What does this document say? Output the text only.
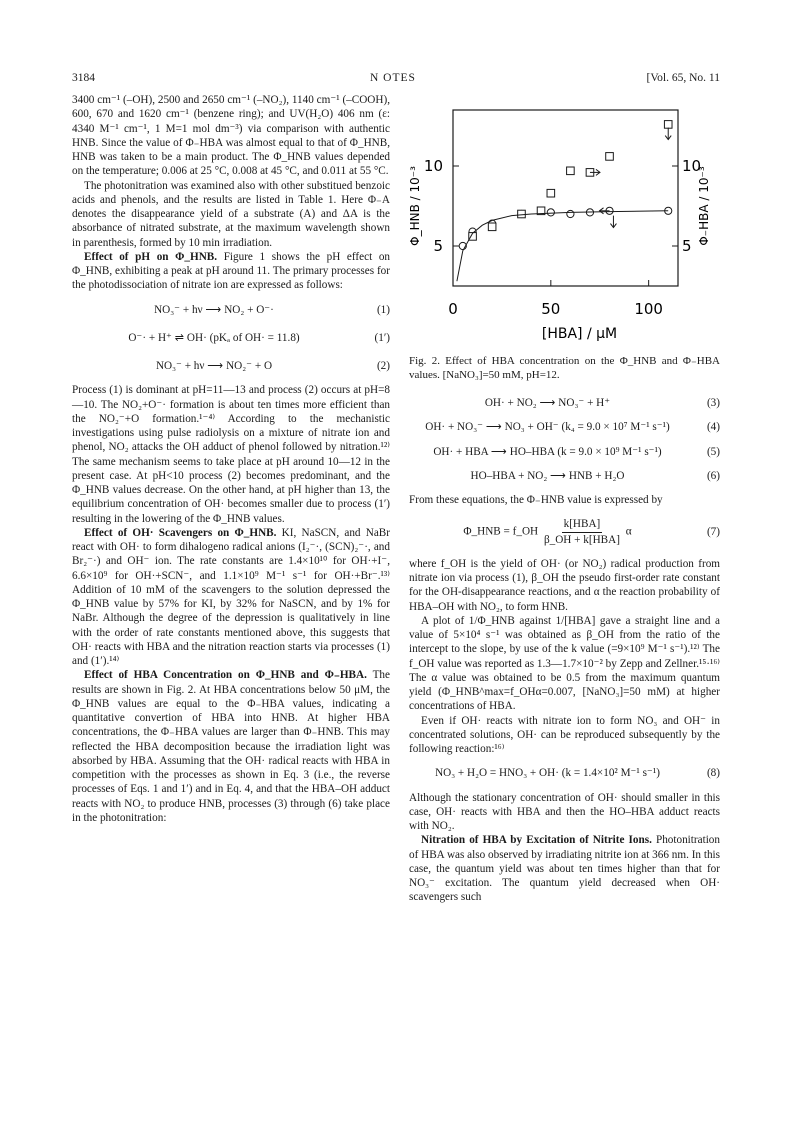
3184	N OTES	[Vol. 65, No. 11

3400 cm⁻¹ (–OH), 2500 and 2650 cm⁻¹ (–NO₂), 1140 cm⁻¹ (–COOH), 600, 670 and 1620 cm⁻¹ (benzene ring); and UV(H₂O) 406 nm (ε: 4340 M⁻¹ cm⁻¹, 1 M=1 mol dm⁻³) via comparison with authentic HNB. Since the value of Φ₋HBA was almost equal to that of Φ_HNB, HNB was taken to be a main product. The Φ_HNB values depended on the temperature; 0.006 at 25 °C, 0.008 at 45 °C, and 0.011 at 55 °C.

The photonitration was examined also with other substitued benzoic acids and phenols, and the results are listed in Table 1. Here Φ₋A denotes the disappearance yield of a substrate (A) and ΔA is the absorbance of nitrated substrate, at the maximum wavelength shown in parenthesis, formed by 10 min irradiation.

Effect of pH on Φ_HNB. Figure 1 shows the pH effect on Φ_HNB, exhibiting a peak at pH around 11. The primary processes for the photodissociation of nitrate ion are expressed as follows:

NO₃⁻ + hν ⟶ NO₂ + O⁻·	(1)
O⁻· + H⁺ ⇌ OH· (pKₐ of OH· = 11.8)	(1′)
NO₃⁻ + hν ⟶ NO₂⁻ + O	(2)

Process (1) is dominant at pH=11—13 and process (2) occurs at pH=8—10. The NO₂+O⁻· formation is about ten times more efficient than the NO₂⁻+O formation.¹⁻⁴⁾ According to the mechanistic investigations using pulse radiolysis on a mixture of nitrate ion and phenol, NO₂ attacks the OH adduct of phenol followed by nitration.¹²⁾ The same mechanism seems to take place at pH around 10—12 in the present case. At pH<10 process (2) becomes predominant, and the Φ_HNB values decrease. On the other hand, at pH higher than 13, the equilibrium concentration of OH· becomes smaller due to process (1′) resulting in the lowering of the Φ_HNB values.

Effect of OH· Scavengers on Φ_HNB. KI, NaSCN, and NaBr react with OH· to form dihalogeno radical anions (I₂⁻·, (SCN)₂⁻·, and Br₂⁻·) and OH⁻ ion. The rate constants are 1.4×10¹⁰ for OH·+I⁻, 6.6×10⁹ for OH·+SCN⁻, and 1.1×10⁹ M⁻¹ s⁻¹ for OH·+Br⁻.¹³⁾ Addition of 10 mM of the scavengers to the solution depressed the Φ_HNB value by 57% for KI, by 32% for NaSCN, and by 1% for NaBr. Although the degree of the depression is qualitatively in line with the order of rate constants mentioned above, this suggests that OH· reacts with HBA and the nitration reaction starts via processes (1) and (1′).¹⁴⁾

Effect of HBA Concentration on Φ_HNB and Φ₋HBA. The results are shown in Fig. 2. At HBA concentrations below 50 μM, the Φ_HNB values are equal to the Φ₋HBA values, indicating a quantitative convertion of HBA into HNB. At higher HBA concentrations, the Φ₋HBA values are larger than Φ₋HNB. This may reflected the HBA decomposition because the irradiation light was absorbed by HBA. Assuming that the OH· radical reacts with HBA in competition with the processes as shown in Eq. 3 (i.e., the reverse processes of Eqs. 1 and 1′) and in Eq. 4, and that the HBA–OH adduct reacts with NO₂ to produce HNB, processes (3) through (6) take place in the photonitration:

0	50	100
5
10
5
10
[HBA] / μM
Φ_HNB / 10⁻³	Φ₋HBA / 10⁻³

Fig. 2. Effect of HBA concentration on the Φ_HNB and Φ₋HBA values. [NaNO₃]=50 mM, pH=12.

OH· + NO₂ ⟶ NO₃⁻ + H⁺	(3)
OH· + NO₃⁻ ⟶ NO₃ + OH⁻ (k₄ = 9.0 × 10⁷ M⁻¹ s⁻¹)	(4)
OH· + HBA ⟶ HO–HBA (k = 9.0 × 10⁹ M⁻¹ s⁻¹)	(5)
HO–HBA + NO₂ ⟶ HNB + H₂O	(6)

From these equations, the Φ₋HNB value is expressed by

Φ_HNB = f_OH $\frac{\text{k[HBA]}}{\text{β\_OH + k[HBA]}}$ α	(7)

where f_OH is the yield of OH· (or NO₂) radical production from nitrate ion via process (1), β_OH the pseudo first-order rate constant for the OH-disappearance reactions, and α the reaction probability of HBA–OH with NO₂, to form HNB.

A plot of 1/Φ_HNB against 1/[HBA] gave a straight line and a value of 5×10⁴ s⁻¹ was obtained as β_OH from the ratio of the intercept to the slope, by use of the k value (=9×10⁹ M⁻¹ s⁻¹).¹²⁾ The f_OH value was reported as 1.3—1.7×10⁻² by Zepp and Zellner.¹⁵·¹⁶⁾ The α value was obtained to be 0.5 from the maximum quantum yield (Φ_HNB^max=f_OHα=0.007, [NaNO₃]=50 mM) at higher concentrations of HBA.

Even if OH· reacts with nitrate ion to form NO₃ and OH⁻ in concentrated solutions, OH· can be reproduced subsequently by the following reaction:¹⁶⁾

NO₃ + H₂O = HNO₃ + OH· (k = 1.4×10² M⁻¹ s⁻¹)	(8)

Although the stationary concentration of OH· should smaller in this case, OH· reacts with HBA and then the HO–HBA adduct reacts with NO₂.

Nitration of HBA by Excitation of Nitrite Ions. Photonitration of HBA was also observed by irradiating nitrite ion at 366 nm. In this case, the quantum yield was about ten times higher than that for NO₃⁻ excitation. The quantum yield decreased when OH· scavengers such
